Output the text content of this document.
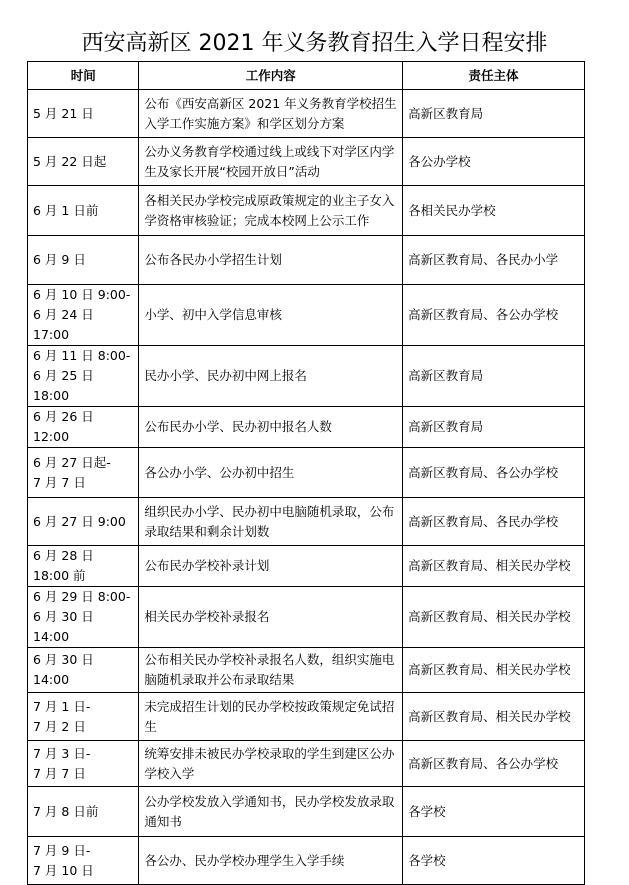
西安高新区 2021 年义务教育招生入学日程安排
时间	工作内容	责任主体
5 月 21 日	公布《西安高新区 2021 年义务教育学校招生入学工作实施方案》和学区划分方案	高新区教育局
5 月 22 日起	公办义务教育学校通过线上或线下对学区内学生及家长开展“校园开放日”活动	各公办学校
6 月 1 日前	各相关民办学校完成原政策规定的业主子女入学资格审核验证；完成本校网上公示工作	各相关民办学校
6 月 9 日	公布各民办小学招生计划	高新区教育局、各民办小学
6 月 10 日 9:00-
6 月 24 日 17:00	小学、初中入学信息审核	高新区教育局、各公办学校
6 月 11 日 8:00-
6 月 25 日 18:00	民办小学、民办初中网上报名	高新区教育局
6 月 26 日 12:00	公布民办小学、民办初中报名人数	高新区教育局
6 月 27 日起-
7 月 7 日	各公办小学、公办初中招生	高新区教育局、各公办学校
6 月 27 日 9:00	组织民办小学、民办初中电脑随机录取，公布录取结果和剩余计划数	高新区教育局、各民办学校
6 月 28 日 18:00 前	公布民办学校补录计划	高新区教育局、相关民办学校
6 月 29 日 8:00-
6 月 30 日 14:00	相关民办学校补录报名	高新区教育局、相关民办学校
6 月 30 日 14:00	公布相关民办学校补录报名人数，组织实施电脑随机录取并公布录取结果	高新区教育局、相关民办学校
7 月 1 日-
7 月 2 日	未完成招生计划的民办学校按政策规定免试招生	高新区教育局、相关民办学校
7 月 3 日-
7 月 7 日	统筹安排未被民办学校录取的学生到建区公办学校入学	高新区教育局、各公办学校
7 月 8 日前	公办学校发放入学通知书，民办学校发放录取通知书	各学校
7 月 9 日-
7 月 10 日	各公办、民办学校办理学生入学手续	各学校
